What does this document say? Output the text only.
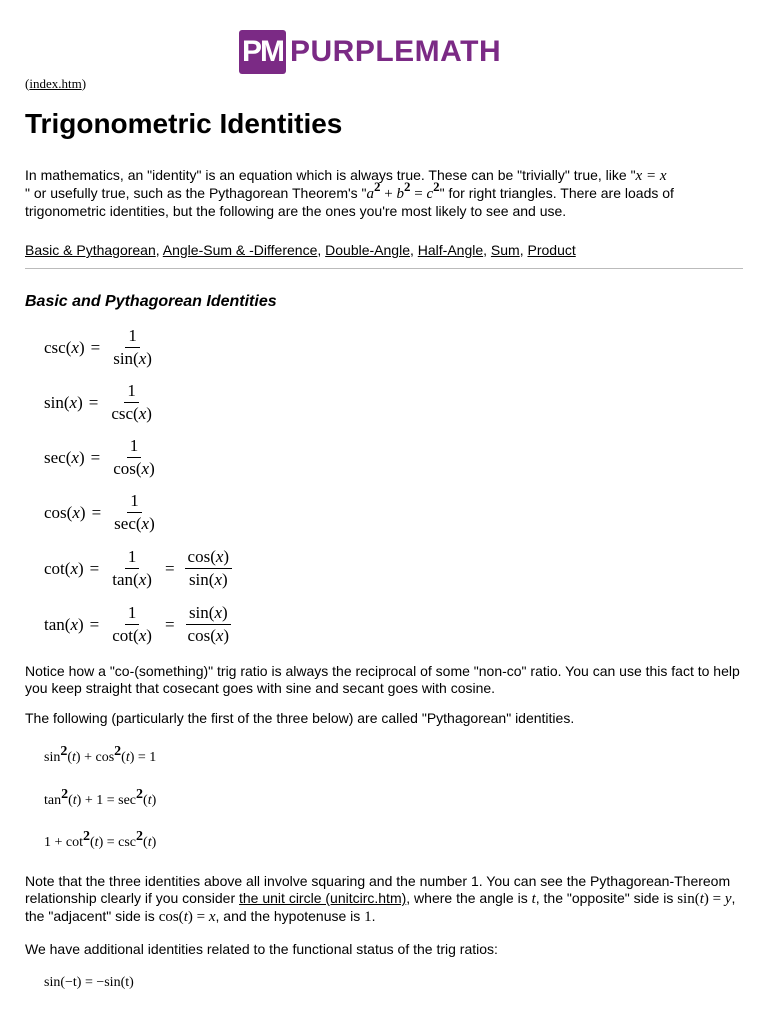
PM PURPLEMATH
(index.htm)
Trigonometric Identities
In mathematics, an "identity" is an equation which is always true. These can be "trivially" true, like "x = x
" or usefully true, such as the Pythagorean Theorem's "$a^2 + b^2 = c^2$" for right triangles. There are loads of trigonometric identities, but the following are the ones you're most likely to see and use.
Basic & Pythagorean, Angle-Sum & -Difference, Double-Angle, Half-Angle, Sum, Product
Basic and Pythagorean Identities
csc ( x ) = $\frac{1}{\sin(x)}$
sin ( x ) = $\frac{1}{\csc(x)}$
sec ( x ) = $\frac{1}{\cos(x)}$
cos ( x ) = $\frac{1}{\sec(x)}$
cot ( x ) = $\frac{1}{\tan(x)} = \frac{\cos(x)}{\sin(x)}$
tan ( x ) = $\frac{1}{\cot(x)} = \frac{\sin(x)}{\cos(x)}$
Notice how a "co-(something)" trig ratio is always the reciprocal of some "non-co" ratio. You can use this fact to help you keep straight that cosecant goes with sine and secant goes with cosine.
The following (particularly the first of the three below) are called "Pythagorean" identities.
$\sin^2(t) + \cos^2(t) = 1$
$\tan^2(t) + 1 = \sec^2(t)$
$1 + \cot^2(t) = \csc^2(t)$
Note that the three identities above all involve squaring and the number 1. You can see the Pythagorean-Thereom relationship clearly if you consider the unit circle (unitcirc.htm), where the angle is t, the "opposite" side is sin(t) = y, the "adjacent" side is cos(t) = x, and the hypotenuse is 1.
We have additional identities related to the functional status of the trig ratios:
sin(−t) = −sin(t)
